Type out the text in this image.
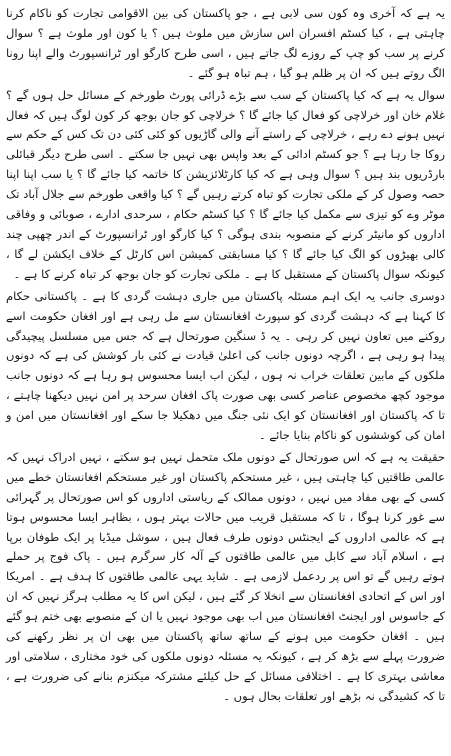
یہ ہے کہ آخری وہ کون سی لابی ہے ، جو پاکستان کی بین الاقوامی تجارت کو ناکام کرنا چاہتی ہے ، کیا کسٹم افسران اس سازش میں ملوث ہیں ؟ یا کون اور ملوث ہے ؟ سوال کرنے پر سب کو چپ کے روزے لگ جاتے ہیں ، اسی طرح کارگو اور ٹرانسپورٹ والے اپنا رونا الگ روتے ہیں کہ ان پر ظلم ہو گیا ، ہم تباہ ہو گئے ۔

سوال یہ ہے کہ کیا پاکستان کے سب سے بڑے ڈرائی پورٹ طورخم کے مسائل حل ہوں گے ؟ غلام خان اور خرلاچی کو فعال کیا جائے گا ؟ خرلاچی کو جان بوجھ کر کون لوگ ہیں کہ فعال نہیں ہونے دے رہے ، خرلاچی کے راستے آنے والی گاڑیوں کو کئی کئی دن تک کس کے حکم سے روکا جا رہا ہے ؟ جو کسٹم ادائی کے بعد واپس بھی نہیں جا سکتے ۔ اسی طرح دیگر قبائلی بارڈریوں بند ہیں ؟ سوال وہی ہے کہ کیا کارٹلائزیشن کا خاتمہ کیا جائے گا ؟ یا سب اپنا اپنا حصہ وصول کر کے ملکی تجارت کو تباہ کرتے رہیں گے ؟ کیا واقعی طورخم سے جلال آباد تک موٹر وے کو تیزی سے مکمل کیا جائے گا ؟ کیا کسٹم حکام ، سرحدی ادارے ، صوبائی و وفاقی اداروں کو مانیٹر کرنے کے منصوبہ بندی ہوگی ؟ کیا کارگو اور ٹرانسپورٹ کے اندر چھپی چند کالی بھیڑوں کو الگ کیا جائے گا ؟ کیا مسابقتی کمیشن اس کارٹل کے خلاف ایکشن لے گا ، کیونکہ سوال پاکستان کے مستقبل کا ہے ۔ ملکی تجارت کو جان بوجھ کر تباہ کرنے کا ہے ۔

دوسری جانب یہ ایک اہم مسئلہ پاکستان میں جاری دہشت گردی کا ہے ۔ پاکستانی حکام کا کہنا ہے کہ دہشت گردی کو سپورٹ افغانستان سے مل رہی ہے اور افغان حکومت اسے روکنے میں تعاون نہیں کر رہی ۔ یہ ڈ سنگین صورتحال ہے کہ جس میں مسلسل پیچیدگی پیدا ہو رہی ہے ، اگرچہ دونوں جانب کی اعلیٰ قیادت نے کئی بار کوشش کی ہے کہ دونوں ملکوں کے مابین تعلقات خراب نہ ہوں ، لیکن اب ایسا محسوس ہو رہا ہے کہ دونوں جانب موجود کچھ مخصوص عناصر کسی بھی صورت پاک افغان سرحد پر امن نہیں دیکھنا چاہتے ، تا کہ پاکستان اور افغانستان کو ایک نئی جنگ میں دھکیلا جا سکے اور افغانستان میں امن و امان کی کوششوں کو ناکام بنایا جائے ۔

حقیقت یہ ہے کہ اس صورتحال کے دونوں ملک متحمل نہیں ہو سکتے ، نہیں ادراک نہیں کہ عالمی طاقتیں کیا چاہتی ہیں ، غیر مستحکم پاکستان اور غیر مستحکم افغانستان خطے میں کسی کے بھی مفاد میں نہیں ، دونوں ممالک کے ریاستی اداروں کو اس صورتحال پر گہرائی سے غور کرنا ہوگا ، تا کہ مستقبل قریب میں حالات بہتر ہوں ، بظاہر ایسا محسوس ہوتا ہے کہ عالمی اداروں کے ایجنٹس دونوں طرف فعال ہیں ، سوشل میڈیا پر ایک طوفان برپا ہے ، اسلام آباد سے کابل میں عالمی طاقتوں کے آلہ کار سرگرم ہیں ۔ پاک فوج پر حملے ہوتے رہیں گے تو اس پر ردعمل لازمی ہے ۔ شاید یہی عالمی طاقتوں کا ہدف ہے ۔ امریکا اور اس کے اتحادی افغانستان سے انخلا کر گئے ہیں ، لیکن اس کا یہ مطلب ہرگز نہیں کہ ان کے جاسوس اور ایجنٹ افغانستان میں اب بھی موجود نہیں یا ان کے منصوبے بھی ختم ہو گئے ہیں ۔ افغان حکومت میں ہونے کے ساتھ ساتھ پاکستان میں بھی ان پر نظر رکھنے کی ضرورت پہلے سے بڑھ کر ہے ، کیونکہ یہ مسئلہ دونوں ملکوں کی خود مختاری ، سلامتی اور معاشی بہتری کا ہے ۔ اختلافی مسائل کے حل کیلئے مشترکہ میکنزم بنانے کی ضرورت ہے ، تا کہ کشیدگی نہ بڑھے اور تعلقات بحال ہوں ۔
